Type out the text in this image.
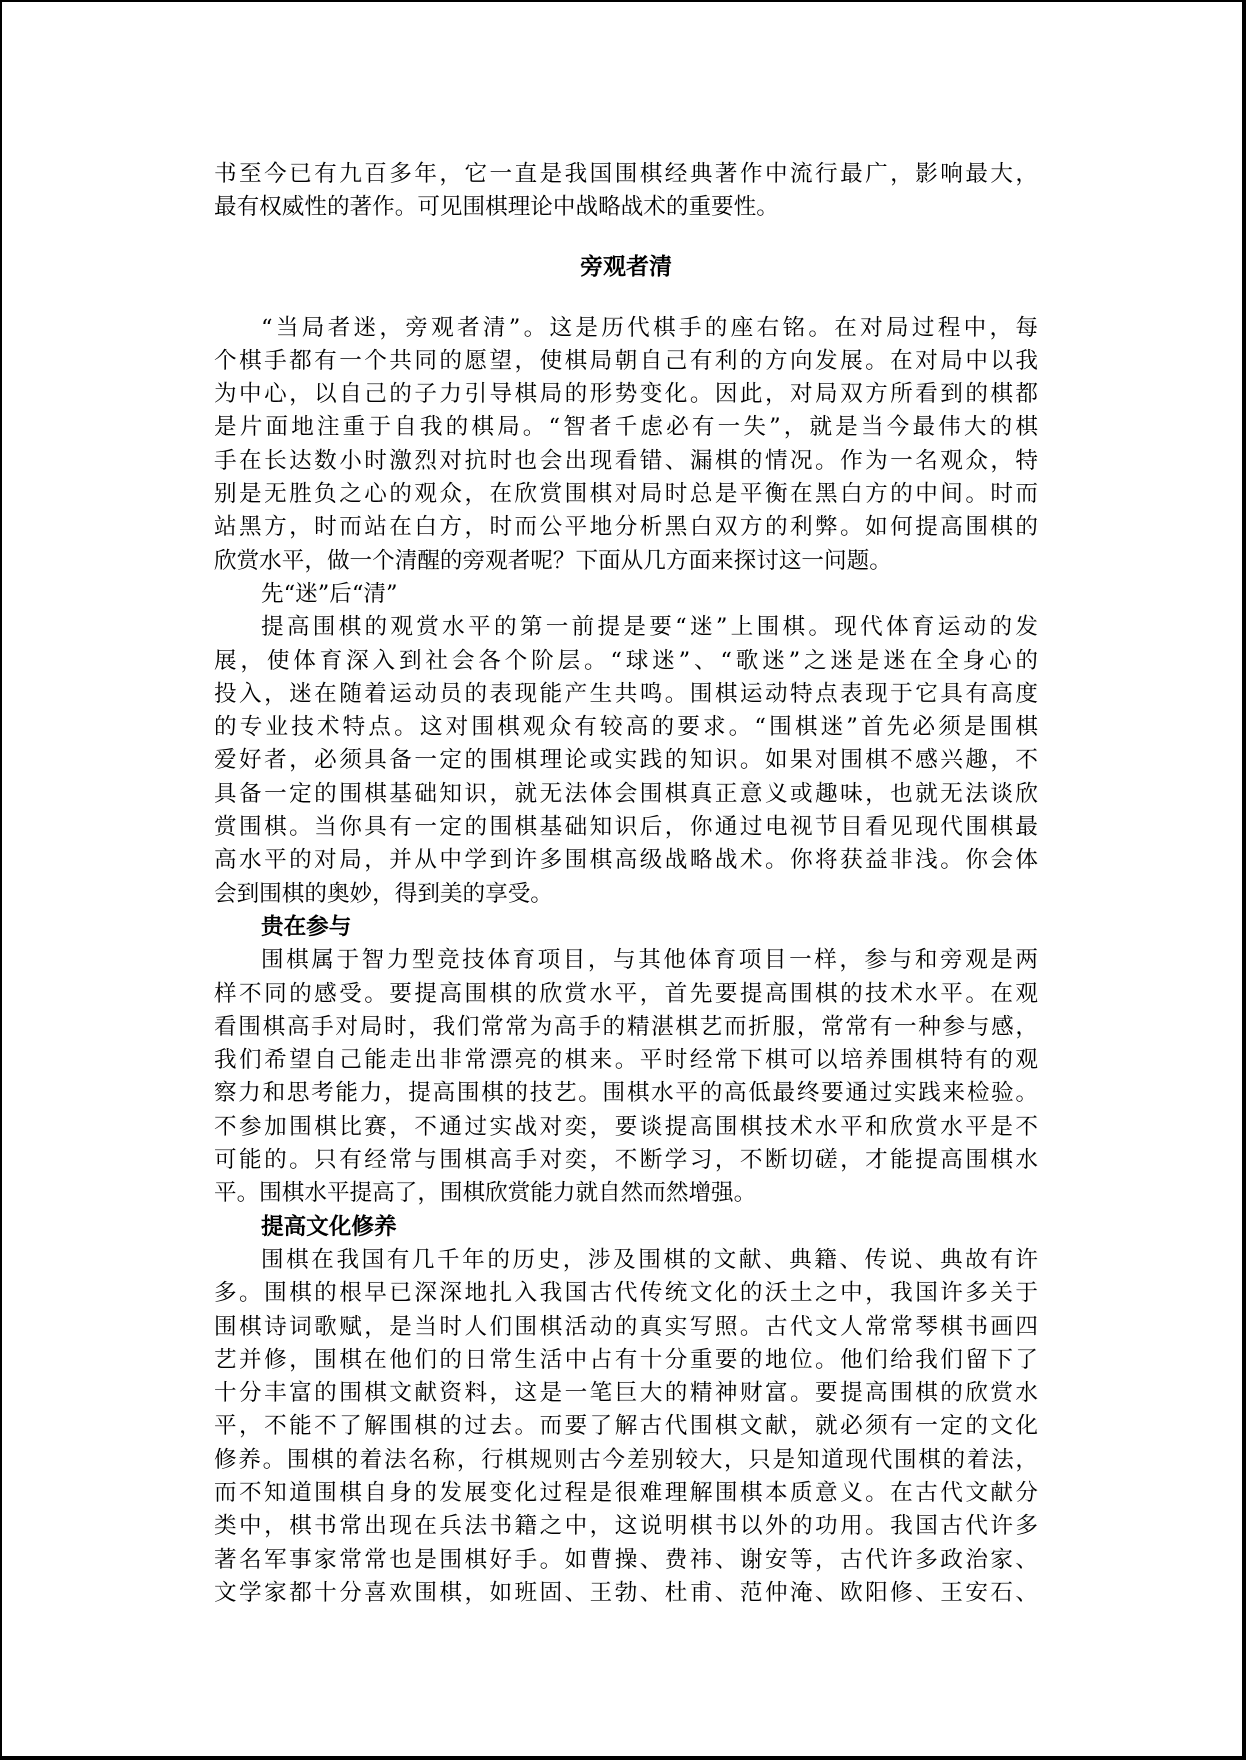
书至今已有九百多年，它一直是我国围棋经典著作中流行最广，影响最大，
最有权威性的著作。可见围棋理论中战略战术的重要性。
旁观者清
“当局者迷，旁观者清”。这是历代棋手的座右铭。在对局过程中，每
个棋手都有一个共同的愿望，使棋局朝自己有利的方向发展。在对局中以我
为中心，以自己的子力引导棋局的形势变化。因此，对局双方所看到的棋都
是片面地注重于自我的棋局。“智者千虑必有一失”，就是当今最伟大的棋
手在长达数小时激烈对抗时也会出现看错、漏棋的情况。作为一名观众，特
别是无胜负之心的观众，在欣赏围棋对局时总是平衡在黑白方的中间。时而
站黑方，时而站在白方，时而公平地分析黑白双方的利弊。如何提高围棋的
欣赏水平，做一个清醒的旁观者呢？下面从几方面来探讨这一问题。
先“迷”后“清”
提高围棋的观赏水平的第一前提是要“迷”上围棋。现代体育运动的发
展，使体育深入到社会各个阶层。“球迷”、“歌迷”之迷是迷在全身心的
投入，迷在随着运动员的表现能产生共鸣。围棋运动特点表现于它具有高度
的专业技术特点。这对围棋观众有较高的要求。“围棋迷”首先必须是围棋
爱好者，必须具备一定的围棋理论或实践的知识。如果对围棋不感兴趣，不
具备一定的围棋基础知识，就无法体会围棋真正意义或趣味，也就无法谈欣
赏围棋。当你具有一定的围棋基础知识后，你通过电视节目看见现代围棋最
高水平的对局，并从中学到许多围棋高级战略战术。你将获益非浅。你会体
会到围棋的奥妙，得到美的享受。
贵在参与
围棋属于智力型竞技体育项目，与其他体育项目一样，参与和旁观是两
样不同的感受。要提高围棋的欣赏水平，首先要提高围棋的技术水平。在观
看围棋高手对局时，我们常常为高手的精湛棋艺而折服，常常有一种参与感，
我们希望自己能走出非常漂亮的棋来。平时经常下棋可以培养围棋特有的观
察力和思考能力，提高围棋的技艺。围棋水平的高低最终要通过实践来检验。
不参加围棋比赛，不通过实战对奕，要谈提高围棋技术水平和欣赏水平是不
可能的。只有经常与围棋高手对奕，不断学习，不断切磋，才能提高围棋水
平。围棋水平提高了，围棋欣赏能力就自然而然增强。
提高文化修养
围棋在我国有几千年的历史，涉及围棋的文献、典籍、传说、典故有许
多。围棋的根早已深深地扎入我国古代传统文化的沃土之中，我国许多关于
围棋诗词歌赋，是当时人们围棋活动的真实写照。古代文人常常琴棋书画四
艺并修，围棋在他们的日常生活中占有十分重要的地位。他们给我们留下了
十分丰富的围棋文献资料，这是一笔巨大的精神财富。要提高围棋的欣赏水
平，不能不了解围棋的过去。而要了解古代围棋文献，就必须有一定的文化
修养。围棋的着法名称，行棋规则古今差别较大，只是知道现代围棋的着法，
而不知道围棋自身的发展变化过程是很难理解围棋本质意义。在古代文献分
类中，棋书常出现在兵法书籍之中，这说明棋书以外的功用。我国古代许多
著名军事家常常也是围棋好手。如曹操、费祎、谢安等，古代许多政治家、
文学家都十分喜欢围棋，如班固、王勃、杜甫、范仲淹、欧阳修、王安石、
